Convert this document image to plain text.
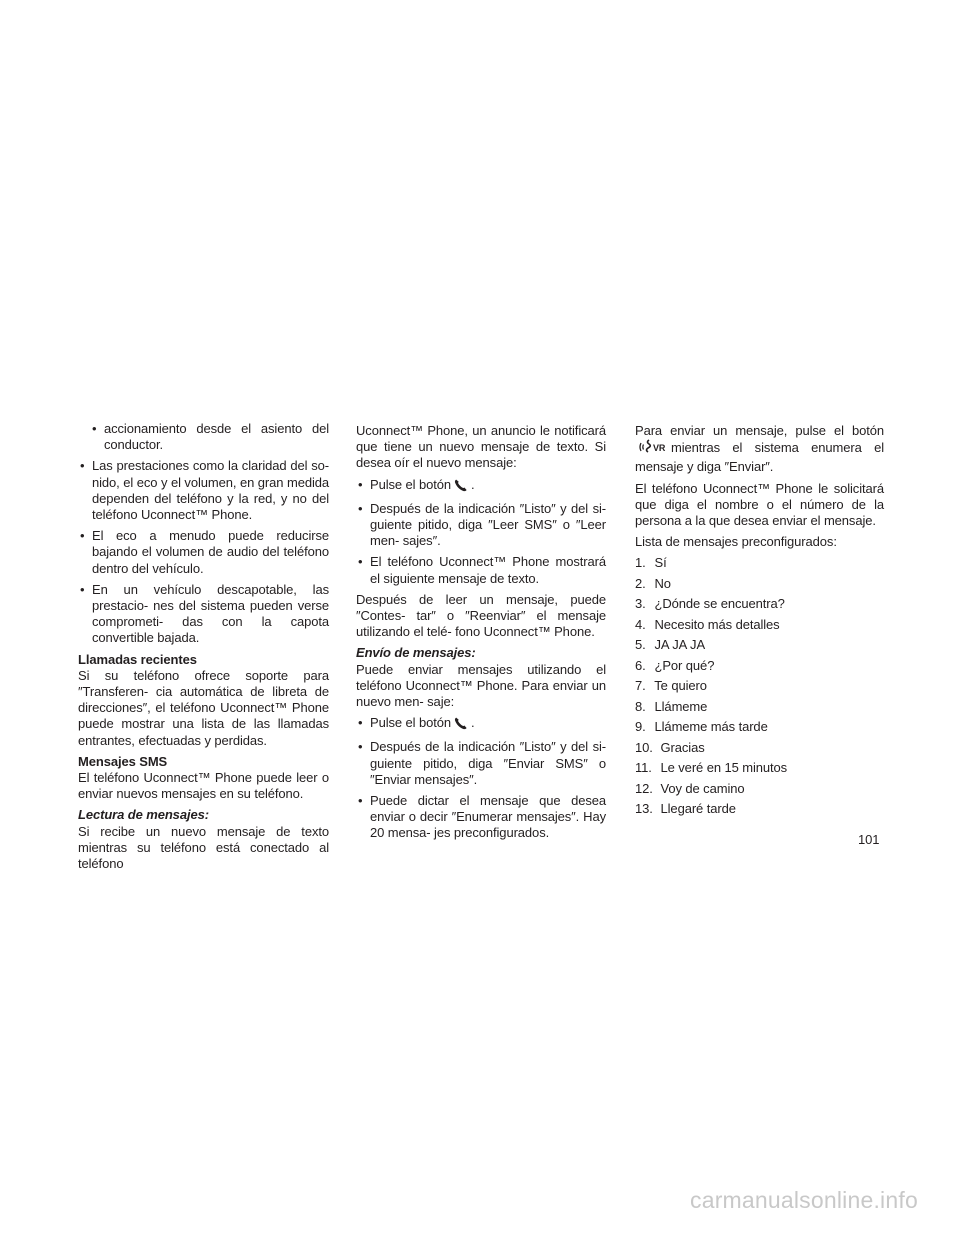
• accionamiento desde el asiento del conductor.
• Las prestaciones como la claridad del so- nido, el eco y el volumen, en gran medida dependen del teléfono y la red, y no del teléfono Uconnect™ Phone.
• El eco a menudo puede reducirse bajando el volumen de audio del teléfono dentro del vehículo.
• En un vehículo descapotable, las prestacio- nes del sistema pueden verse comprometi- das con la capota convertible bajada.

Llamadas recientes

Si su teléfono ofrece soporte para ″Transferen- cia automática de libreta de direcciones″, el teléfono Uconnect™ Phone puede mostrar una lista de las llamadas entrantes, efectuadas y perdidas.

Mensajes SMS

El teléfono Uconnect™ Phone puede leer o enviar nuevos mensajes en su teléfono.

Lectura de mensajes:

Si recibe un nuevo mensaje de texto mientras su teléfono está conectado al teléfono

Uconnect™ Phone, un anuncio le notificará que tiene un nuevo mensaje de texto. Si desea oír el nuevo mensaje:

• Pulse el botón .
• Después de la indicación ″Listo″ y del si- guiente pitido, diga ″Leer SMS″ o ″Leer men- sajes″.
• El teléfono Uconnect™ Phone mostrará el siguiente mensaje de texto.

Después de leer un mensaje, puede ″Contes- tar″ o ″Reenviar″ el mensaje utilizando el telé- fono Uconnect™ Phone.

Envío de mensajes:

Puede enviar mensajes utilizando el teléfono Uconnect™ Phone. Para enviar un nuevo men- saje:

• Pulse el botón .
• Después de la indicación ″Listo″ y del si- guiente pitido, diga ″Enviar SMS″ o ″Enviar mensajes″.
• Puede dictar el mensaje que desea enviar o decir ″Enumerar mensajes″. Hay 20 mensa- jes preconfigurados.

Para enviar un mensaje, pulse el botón
VR mientras el sistema enumera el mensaje y diga ″Enviar″.

El teléfono Uconnect™ Phone le solicitará que diga el nombre o el número de la persona a la que desea enviar el mensaje.

Lista de mensajes preconfigurados:

1. Sí
2. No
3. ¿Dónde se encuentra?
4. Necesito más detalles
5. JA JA JA
6. ¿Por qué?
7. Te quiero
8. Llámeme
9. Llámeme más tarde
10. Gracias
11. Le veré en 15 minutos
12. Voy de camino
13. Llegaré tarde
101
carmanualsonline.info
